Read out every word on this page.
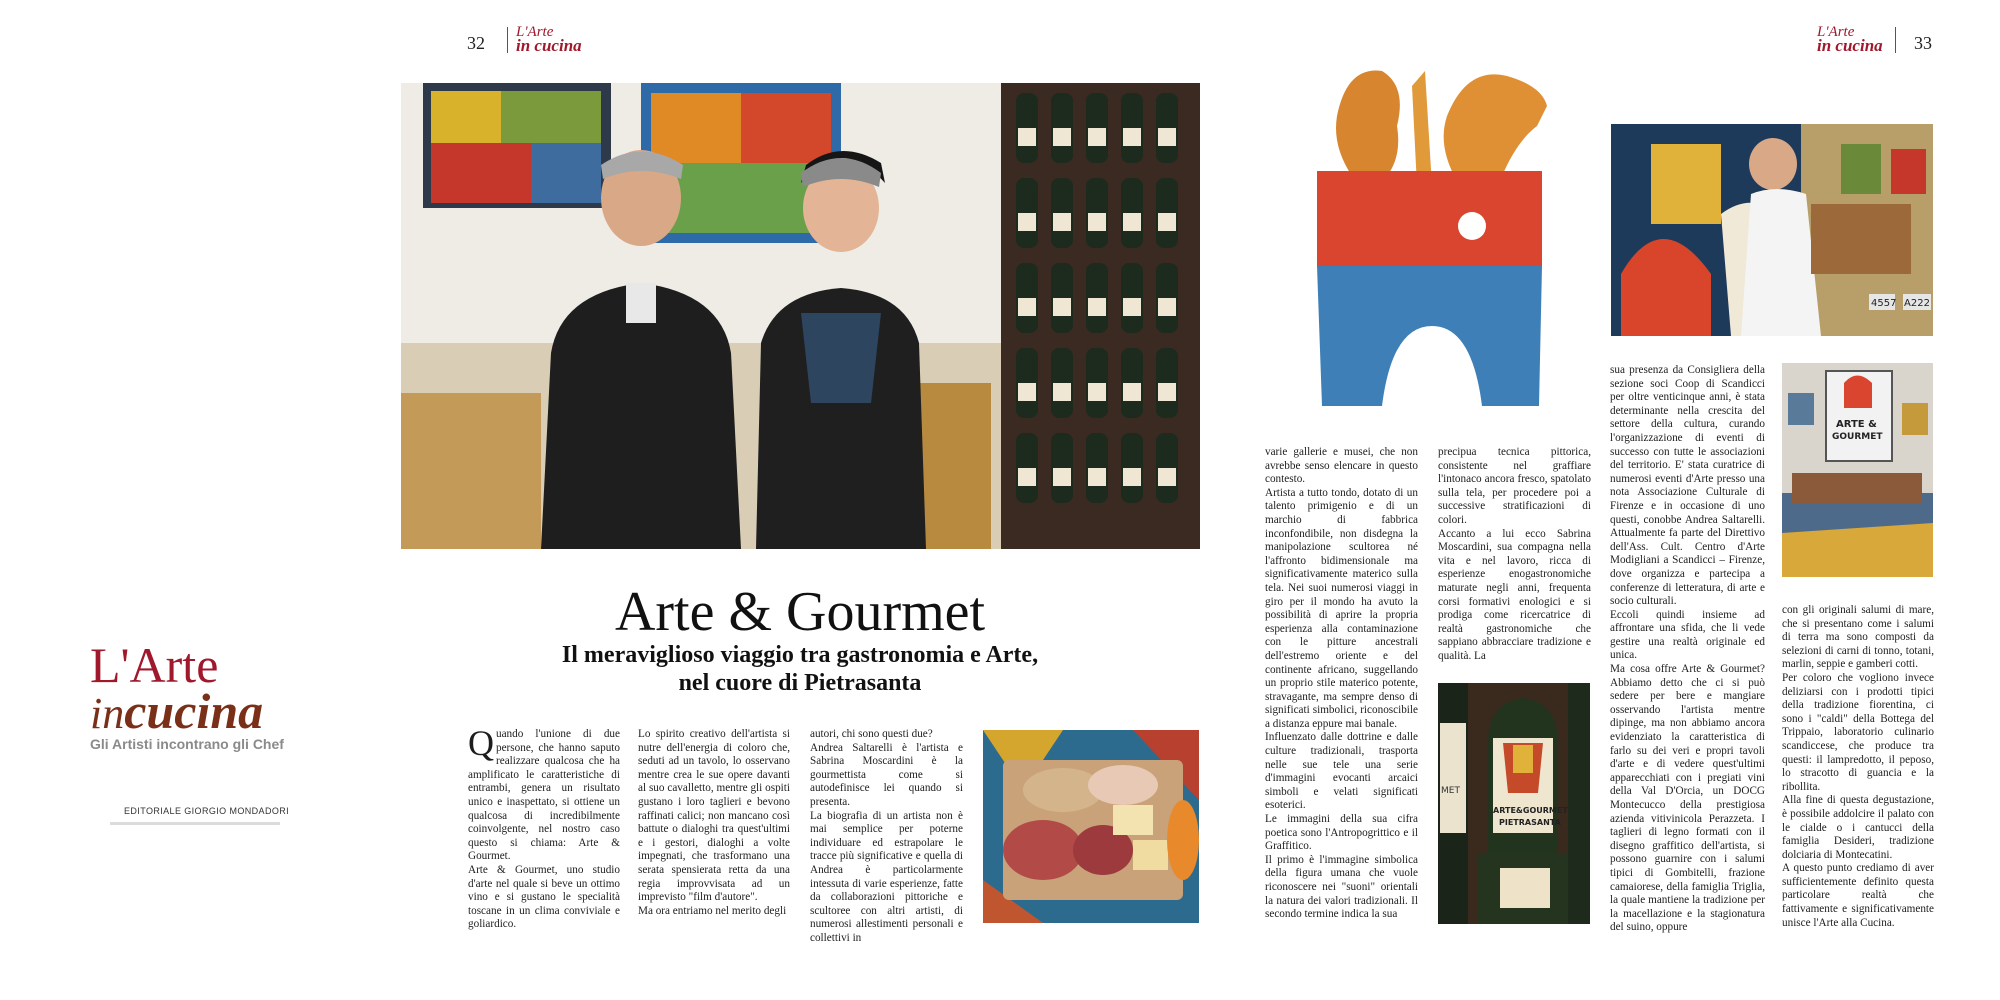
32
L'Arte
in cucina
L'Arte
in cucina 33
L'Arte
incucina
Gli Artisti incontrano gli Chef
EDITORIALE GIORGIO MONDADORI
Arte & Gourmet
Il meraviglioso viaggio tra gastronomia e Arte,
nel cuore di Pietrasanta

Quando l'unione di due persone, che hanno saputo realizzare qualcosa che ha amplificato le caratteristiche di entrambi, genera un risultato unico e inaspettato, si ottiene un qualcosa di incredibilmente coinvolgente, nel nostro caso questo si chiama: Arte & Gourmet.

Arte & Gourmet, uno studio d'arte nel quale si beve un ottimo vino e si gustano le specialità toscane in un clima conviviale e goliardico.

Lo spirito creativo dell'artista si nutre dell'energia di coloro che, seduti ad un tavolo, lo osservano mentre crea le sue opere davanti al suo cavalletto, mentre gli ospiti gustano i loro taglieri e bevono raffinati calici; non mancano così battute o dialoghi tra quest'ultimi e i gestori, dialoghi a volte impegnati, che trasformano una serata spensierata retta da una regia improvvisata ad un imprevisto "film d'autore".

Ma ora entriamo nel merito degli

autori, chi sono questi due?

Andrea Saltarelli è l'artista e Sabrina Moscardini è la gourmettista come si autodefinisce lei quando si presenta.

La biografia di un artista non è mai semplice per poterne individuare ed estrapolare le tracce più significative e quella di Andrea è particolarmente intessuta di varie esperienze, fatte da collaborazioni pittoriche e scultoree con altri artisti, di numerosi allestimenti personali e collettivi in

4557 A222
ARTE &
GOURMET
MET
ARTE&GOURMET
PIETRASANTA

varie gallerie e musei, che non avrebbe senso elencare in questo contesto.

Artista a tutto tondo, dotato di un talento primigenio e di un marchio di fabbrica inconfondibile, non disdegna la manipolazione scultorea né l'affronto bidimensionale ma significativamente materico sulla tela. Nei suoi numerosi viaggi in giro per il mondo ha avuto la possibilità di aprire la propria esperienza alla contaminazione con le pitture ancestrali dell'estremo oriente e del continente africano, suggellando un proprio stile materico potente, stravagante, ma sempre denso di significati simbolici, riconoscibile a distanza eppure mai banale.

Influenzato dalle dottrine e dalle culture tradizionali, trasporta nelle sue tele una serie d'immagini evocanti arcaici simboli e velati significati esoterici.

Le immagini della sua cifra poetica sono l'Antropogrittico e il Graffitico.

Il primo è l'immagine simbolica della figura umana che vuole riconoscere nei "suoni" orientali la natura dei valori tradizionali. Il secondo termine indica la sua

precipua tecnica pittorica, consistente nel graffiare l'intonaco ancora fresco, spatolato sulla tela, per procedere poi a successive stratificazioni di colori.

Accanto a lui ecco Sabrina Moscardini, sua compagna nella vita e nel lavoro, ricca di esperienze enogastronomiche maturate negli anni, frequenta corsi formativi enologici e si prodiga come ricercatrice di realtà gastronomiche che sappiano abbracciare tradizione e qualità. La

sua presenza da Consigliera della sezione soci Coop di Scandicci per oltre venticinque anni, è stata determinante nella crescita del settore della cultura, curando l'organizzazione di eventi di successo con tutte le associazioni del territorio. E' stata curatrice di numerosi eventi d'Arte presso una nota Associazione Culturale di Firenze e in occasione di uno questi, conobbe Andrea Saltarelli. Attualmente fa parte del Direttivo dell'Ass. Cult. Centro d'Arte Modigliani a Scandicci – Firenze, dove organizza e partecipa a conferenze di letteratura, di arte e socio culturali.

Eccoli quindi insieme ad affrontare una sfida, che li vede gestire una realtà originale ed unica.

Ma cosa offre Arte & Gourmet? Abbiamo detto che ci si può sedere per bere e mangiare osservando l'artista mentre dipinge, ma non abbiamo ancora evidenziato la caratteristica di farlo su dei veri e propri tavoli d'arte e di vedere quest'ultimi apparecchiati con i pregiati vini della Val D'Orcia, un DOCG Montecucco della prestigiosa azienda vitivinicola Perazzeta. I taglieri di legno formati con il disegno graffitico dell'artista, si possono guarnire con i salumi tipici di Gombitelli, frazione camaiorese, della famiglia Triglia, la quale mantiene la tradizione per la macellazione e la stagionatura del suino, oppure

con gli originali salumi di mare, che si presentano come i salumi di terra ma sono composti da selezioni di carni di tonno, totani, marlin, seppie e gamberi cotti.

Per coloro che vogliono invece deliziarsi con i prodotti tipici della tradizione fiorentina, ci sono i "caldi" della Bottega del Trippaio, laboratorio culinario scandiccese, che produce tra questi: il lampredotto, il peposo, lo stracotto di guancia e la ribollita.

Alla fine di questa degustazione, è possibile addolcire il palato con le cialde o i cantucci della famiglia Desideri, tradizione dolciaria di Montecatini.

A questo punto crediamo di aver sufficientemente definito questa particolare realtà che fattivamente e significativamente unisce l'Arte alla Cucina.
